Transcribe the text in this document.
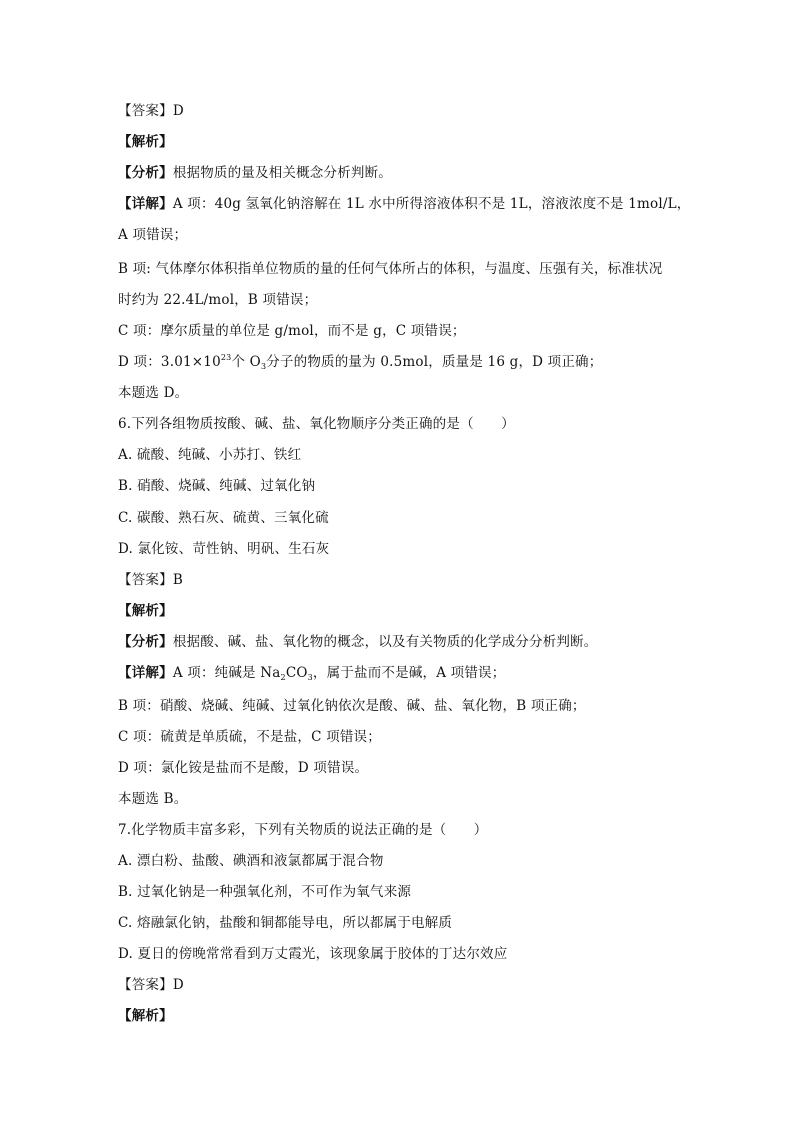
【答案】D
【解析】
【分析】根据物质的量及相关概念分析判断。
【详解】A 项：40g 氢氧化钠溶解在 1L 水中所得溶液体积不是 1L，溶液浓度不是 1mol/L，
A 项错误；
B 项: 气体摩尔体积指单位物质的量的任何气体所占的体积，与温度、压强有关，标准状况
时约为 22.4L/mol，B 项错误；
C 项：摩尔质量的单位是 g/mol，而不是 g，C 项错误；
D 项：$3.01\times 10^{23}$个 $O_3$分子的物质的量为 0.5mol，质量是 16 g，D 项正确；
本题选 D。
6.下列各组物质按酸、碱、盐、氧化物顺序分类正确的是（　　）
A. 硫酸、纯碱、小苏打、铁红
B. 硝酸、烧碱、纯碱、过氧化钠
C. 碳酸、熟石灰、硫黄、三氧化硫
D. 氯化铵、苛性钠、明矾、生石灰
【答案】B
【解析】
【分析】根据酸、碱、盐、氧化物的概念，以及有关物质的化学成分分析判断。
【详解】A 项：纯碱是 $Na_2CO_3$，属于盐而不是碱，A 项错误；
B 项：硝酸、烧碱、纯碱、过氧化钠依次是酸、碱、盐、氧化物，B 项正确；
C 项：硫黄是单质硫，不是盐，C 项错误；
D 项：氯化铵是盐而不是酸，D 项错误。
本题选 B。
7.化学物质丰富多彩，下列有关物质的说法正确的是（　　）
A. 漂白粉、盐酸、碘酒和液氯都属于混合物
B. 过氧化钠是一种强氧化剂，不可作为氧气来源
C. 熔融氯化钠，盐酸和铜都能导电，所以都属于电解质
D. 夏日的傍晚常常看到万丈霞光，该现象属于胶体的丁达尔效应
【答案】D
【解析】
